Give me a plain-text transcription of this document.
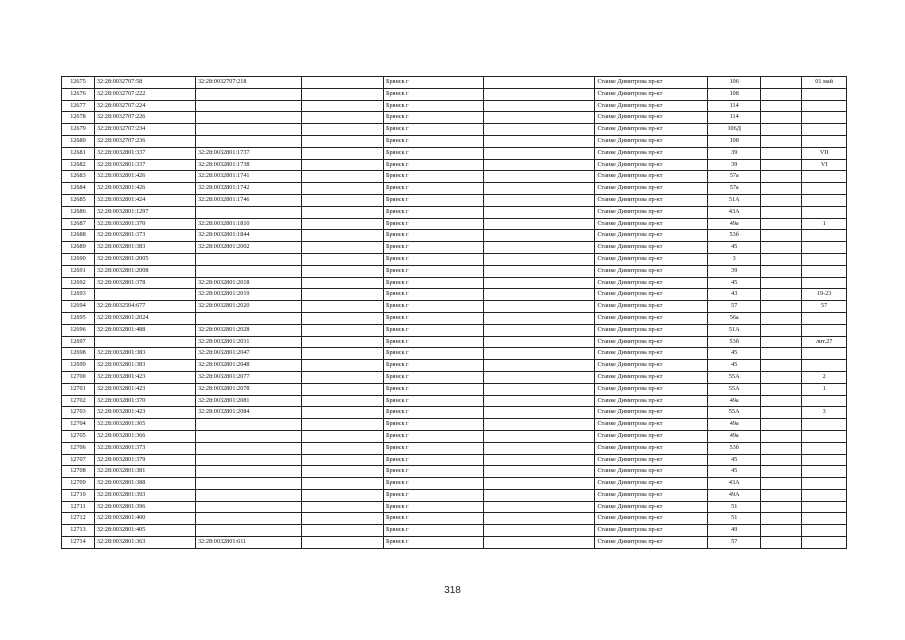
12675	32:28:0032707:58	32:28:0032707:218		Брянск г		Станке Димитрова пр-кт	106		01 май
12676	32:28:0032707:222			Брянск г		Станке Димитрова пр-кт	108		
12677	32:28:0032707:224			Брянск г		Станке Димитрова пр-кт	114		
12678	32:28:0032707:226			Брянск г		Станке Димитрова пр-кт	114		
12679	32:28:0032707:234			Брянск г		Станке Димитрова пр-кт	106Д		
12680	32:28:0032707:236			Брянск г		Станке Димитрова пр-кт	108		
12681	32:28:0032801:337	32:28:0032801:1737		Брянск г		Станке Димитрова пр-кт	39		VII
12682	32:28:0032801:337	32:28:0032801:1738		Брянск г		Станке Димитрова пр-кт	39		VI
12683	32:28:0032801:426	32:28:0032801:1741		Брянск г		Станке Димитрова пр-кт	57а		
12684	32:28:0032801:426	32:28:0032801:1742		Брянск г		Станке Димитрова пр-кт	57а		
12685	32:28:0032801:424	32:28:0032801:1746		Брянск г		Станке Димитрова пр-кт	51А		
12686	32:28:0032801:1297			Брянск г		Станке Димитрова пр-кт	43А		
12687	32:28:0032801:370	32:28:0032801:1810		Брянск г		Станке Димитрова пр-кт	49а		1
12688	32:28:0032801:373	32:28:0032801:1844		Брянск г		Станке Димитрова пр-кт	53б		
12689	32:28:0032801:383	32:28:0032801:2002		Брянск г		Станке Димитрова пр-кт	45		
12690	32:28:0032801:2005			Брянск г		Станке Димитрова пр-кт	3		
12691	32:28:0032801:2008			Брянск г		Станке Димитрова пр-кт	39		
12692	32:28:0032801:378	32:28:0032801:2018		Брянск г		Станке Димитрова пр-кт	45		
12693		32:28:0032801:2019		Брянск г		Станке Димитрова пр-кт	43		19-23
12694	32:28:0032504:677	32:28:0032801:2020		Брянск г		Станке Димитрова пр-кт	57		57
12695	32:28:0032801:2024			Брянск г		Станке Димитрова пр-кт	56а		
12696	32:28:0032801:488	32:28:0032801:2028		Брянск г		Станке Димитрова пр-кт	51А		
12697		32:28:0032801:2031		Брянск г		Станке Димитрова пр-кт	53б		лит.27
12698	32:28:0032801:383	32:28:0032801:2047		Брянск г		Станке Димитрова пр-кт	45		
12699	32:28:0032801:383	32:28:0032801:2048		Брянск г		Станке Димитрова пр-кт	45		
12700	32:28:0032801:423	32:28:0032801:2077		Брянск г		Станке Димитрова пр-кт	55А		2
12701	32:28:0032801:423	32:28:0032801:2078		Брянск г		Станке Димитрова пр-кт	55А		1
12702	32:28:0032801:370	32:28:0032801:2081		Брянск г		Станке Димитрова пр-кт	49а		
12703	32:28:0032801:423	32:28:0032801:2084		Брянск г		Станке Димитрова пр-кт	55А		3
12704	32:28:0032801:365			Брянск г		Станке Димитрова пр-кт	49а		
12705	32:28:0032801:366			Брянск г		Станке Димитрова пр-кт	49а		
12706	32:28:0032801:373			Брянск г		Станке Димитрова пр-кт	53б		
12707	32:28:0032801:379			Брянск г		Станке Димитрова пр-кт	45		
12708	32:28:0032801:381			Брянск г		Станке Димитрова пр-кт	45		
12709	32:28:0032801:388			Брянск г		Станке Димитрова пр-кт	43А		
12710	32:28:0032801:393			Брянск г		Станке Димитрова пр-кт	49А		
12711	32:28:0032801:396			Брянск г		Станке Димитрова пр-кт	51		
12712	32:28:0032801:400			Брянск г		Станке Димитрова пр-кт	51		
12713	32:28:0032801:405			Брянск г		Станке Димитрова пр-кт	49		
12714	32:28:0032801:363	32:28:0032801:611		Брянск г		Станке Димитрова пр-кт	57		
318
